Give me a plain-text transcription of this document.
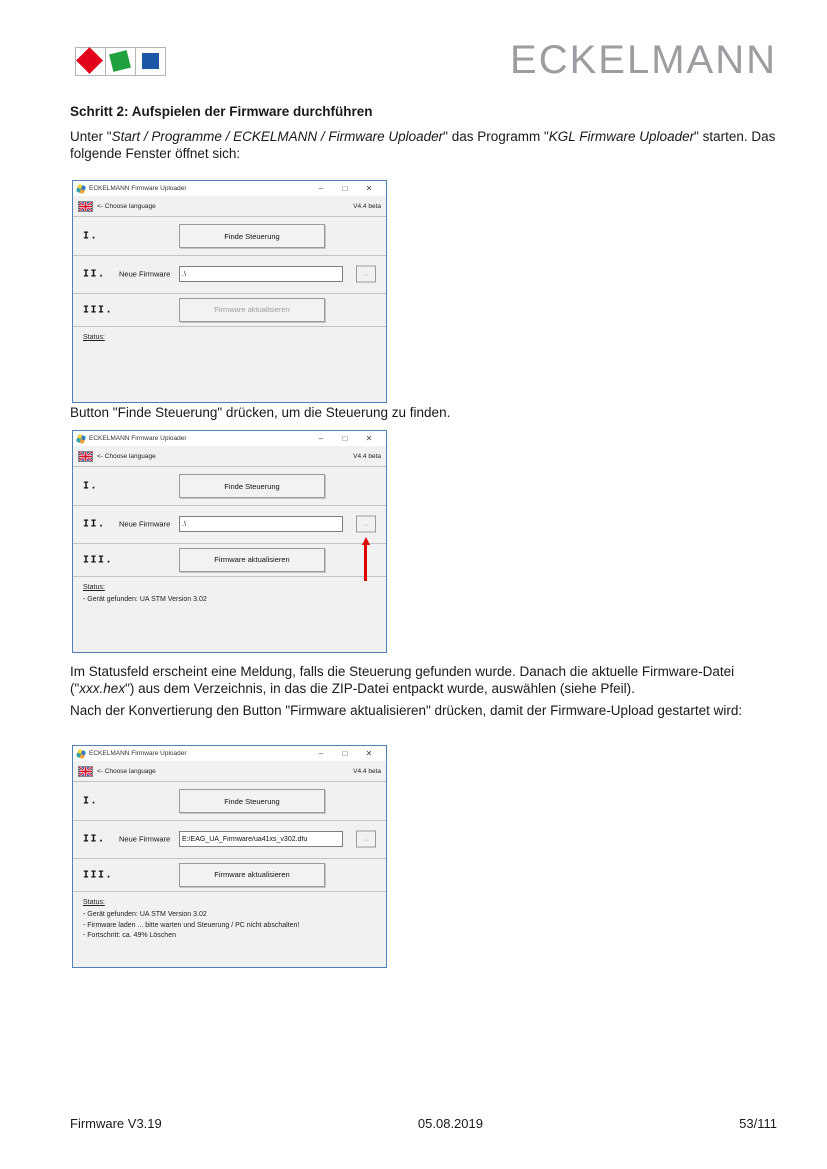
ECKELMANN
Schritt 2: Aufspielen der Firmware durchführen
Unter "Start / Programme / ECKELMANN / Firmware Uploader" das Programm "KGL Firmware Uploader" starten. Das folgende Fenster öffnet sich:
ECKELMANN Firmware Uploader	–	□	✕
<- Choose language	V4.4 beta
I.	Finde Steuerung
II. Neue Firmware
.\	...
III.	Firmware aktualisieren
Status:
Button "Finde Steuerung" drücken, um die Steuerung zu finden.
ECKELMANN Firmware Uploader	–	□	✕
<- Choose language	V4.4 beta
I.	Finde Steuerung
II. Neue Firmware
.\	...
III.	Firmware aktualisieren
Status:
- Gerät gefunden: UA STM Version 3.02
Im Statusfeld erscheint eine Meldung, falls die Steuerung gefunden wurde. Danach die aktuelle Firmware-Datei ("xxx.hex") aus dem Verzeichnis, in das die ZIP-Datei entpackt wurde, auswählen (siehe Pfeil).
Nach der Konvertierung den Button "Firmware aktualisieren" drücken, damit der Firmware-Upload gestartet wird:
ECKELMANN Firmware Uploader	–	□	✕
<- Choose language	V4.4 beta
I.	Finde Steuerung
II. Neue Firmware
E:/EAG_UA_Firmware/ua41xs_v302.dfu	...
III.	Firmware aktualisieren
Status:
- Gerät gefunden: UA STM Version 3.02
- Firmware laden ... bitte warten und Steuerung / PC nicht abschalten!
- Fortschritt: ca. 49% Löschen
Firmware V3.19	05.08.2019	53/111
